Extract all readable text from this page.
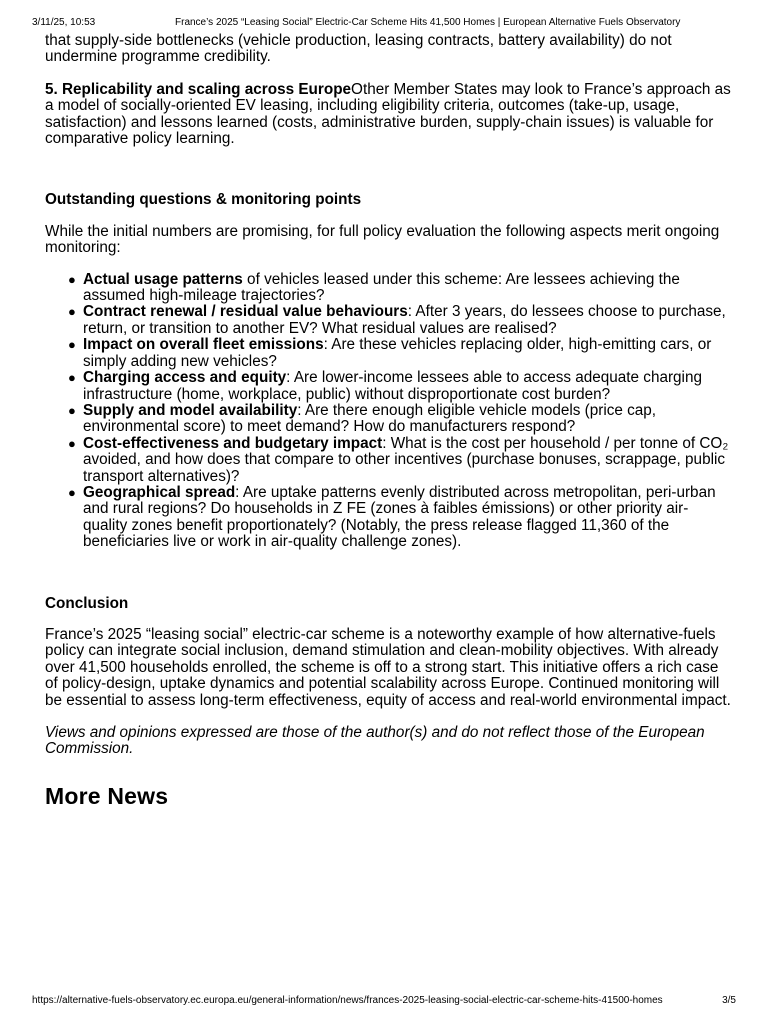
3/11/25, 10:53	France’s 2025 “Leasing Social” Electric-Car Scheme Hits 41,500 Homes | European Alternative Fuels Observatory

that supply-side bottlenecks (vehicle production, leasing contracts, battery availability) do not undermine programme credibility.

5. Replicability and scaling across EuropeOther Member States may look to France’s approach as a model of socially-oriented EV leasing, including eligibility criteria, outcomes (take-up, usage, satisfaction) and lessons learned (costs, administrative burden, supply-chain issues) is valuable for comparative policy learning.

Outstanding questions & monitoring points

While the initial numbers are promising, for full policy evaluation the following aspects merit ongoing monitoring:

● Actual usage patterns of vehicles leased under this scheme: Are lessees achieving the assumed high-mileage trajectories?
● Contract renewal / residual value behaviours: After 3 years, do lessees choose to purchase, return, or transition to another EV? What residual values are realised?
● Impact on overall fleet emissions: Are these vehicles replacing older, high-emitting cars, or simply adding new vehicles?
● Charging access and equity: Are lower-income lessees able to access adequate charging infrastructure (home, workplace, public) without disproportionate cost burden?
● Supply and model availability: Are there enough eligible vehicle models (price cap, environmental score) to meet demand? How do manufacturers respond?
● Cost-effectiveness and budgetary impact: What is the cost per household / per tonne of CO₂ avoided, and how does that compare to other incentives (purchase bonuses, scrappage, public transport alternatives)?
● Geographical spread: Are uptake patterns evenly distributed across metropolitan, peri-urban and rural regions? Do households in Z FE (zones à faibles émissions) or other priority air-quality zones benefit proportionately? (Notably, the press release flagged 11,360 of the beneficiaries live or work in air-quality challenge zones).
Conclusion

France’s 2025 “leasing social” electric-car scheme is a noteworthy example of how alternative-fuels policy can integrate social inclusion, demand stimulation and clean-mobility objectives. With already over 41,500 households enrolled, the scheme is off to a strong start. This initiative offers a rich case of policy-design, uptake dynamics and potential scalability across Europe. Continued monitoring will be essential to assess long-term effectiveness, equity of access and real-world environmental impact.

Views and opinions expressed are those of the author(s) and do not reflect those of the European Commission.

More News
https://alternative-fuels-observatory.ec.europa.eu/general-information/news/frances-2025-leasing-social-electric-car-scheme-hits-41500-homes	3/5
